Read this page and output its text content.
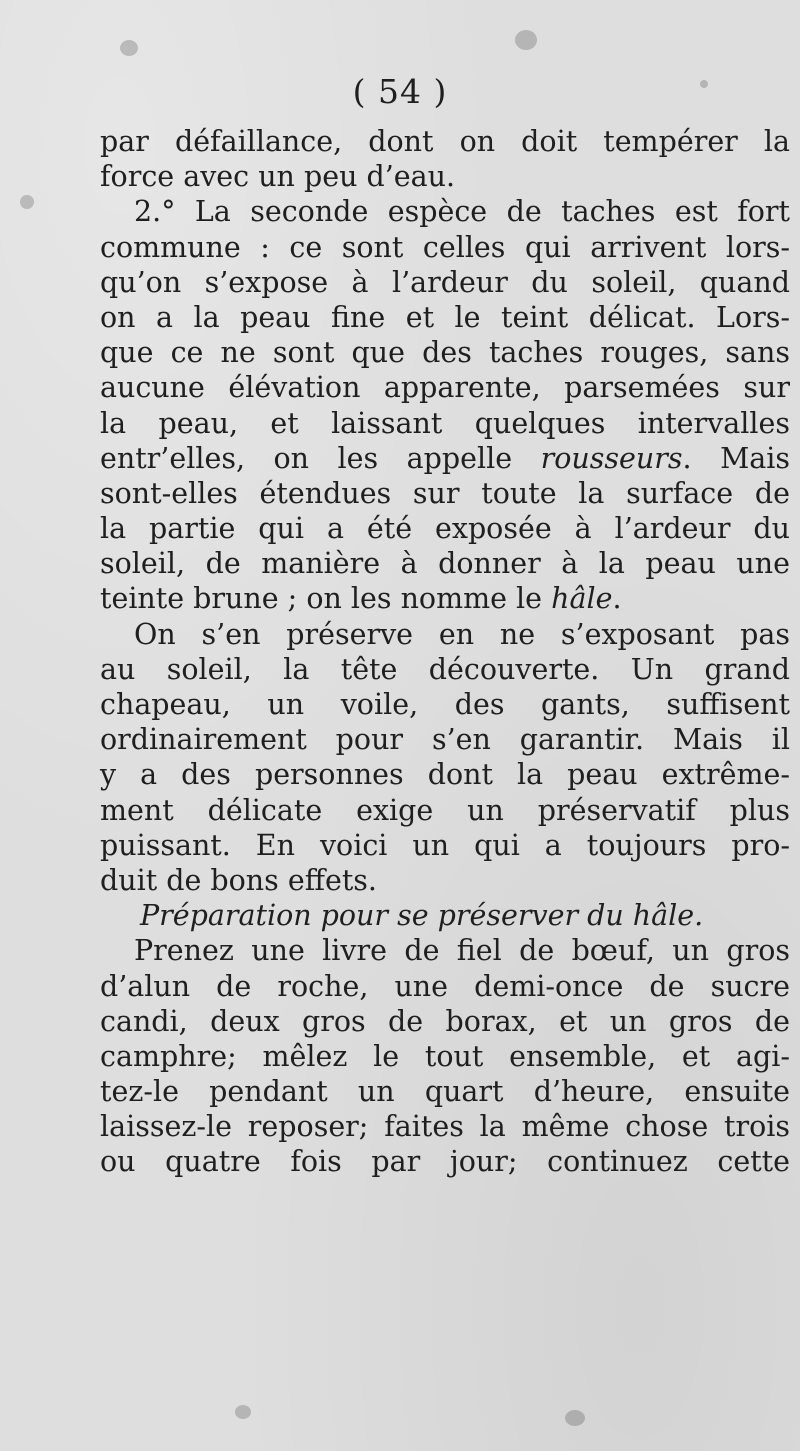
( 54 )
par défaillance, dont on doit tempérer la
force avec un peu d’eau.
2.° La seconde espèce de taches est fort
commune : ce sont celles qui arrivent lors-
qu’on s’expose à l’ardeur du soleil, quand
on a la peau fine et le teint délicat. Lors-
que ce ne sont que des taches rouges, sans
aucune élévation apparente, parsemées sur
la peau, et laissant quelques intervalles
entr’elles, on les appelle rousseurs. Mais
sont-elles étendues sur toute la surface de
la partie qui a été exposée à l’ardeur du
soleil, de manière à donner à la peau une
teinte brune ; on les nomme le hâle.
On s’en préserve en ne s’exposant pas
au soleil, la tête découverte. Un grand
chapeau, un voile, des gants, suffisent
ordinairement pour s’en garantir. Mais il
y a des personnes dont la peau extrême-
ment délicate exige un préservatif plus
puissant. En voici un qui a toujours pro-
duit de bons effets.
Préparation pour se préserver du hâle.
Prenez une livre de fiel de bœuf, un gros
d’alun de roche, une demi-once de sucre
candi, deux gros de borax, et un gros de
camphre; mêlez le tout ensemble, et agi-
tez-le pendant un quart d’heure, ensuite
laissez-le reposer; faites la même chose trois
ou quatre fois par jour; continuez cette
